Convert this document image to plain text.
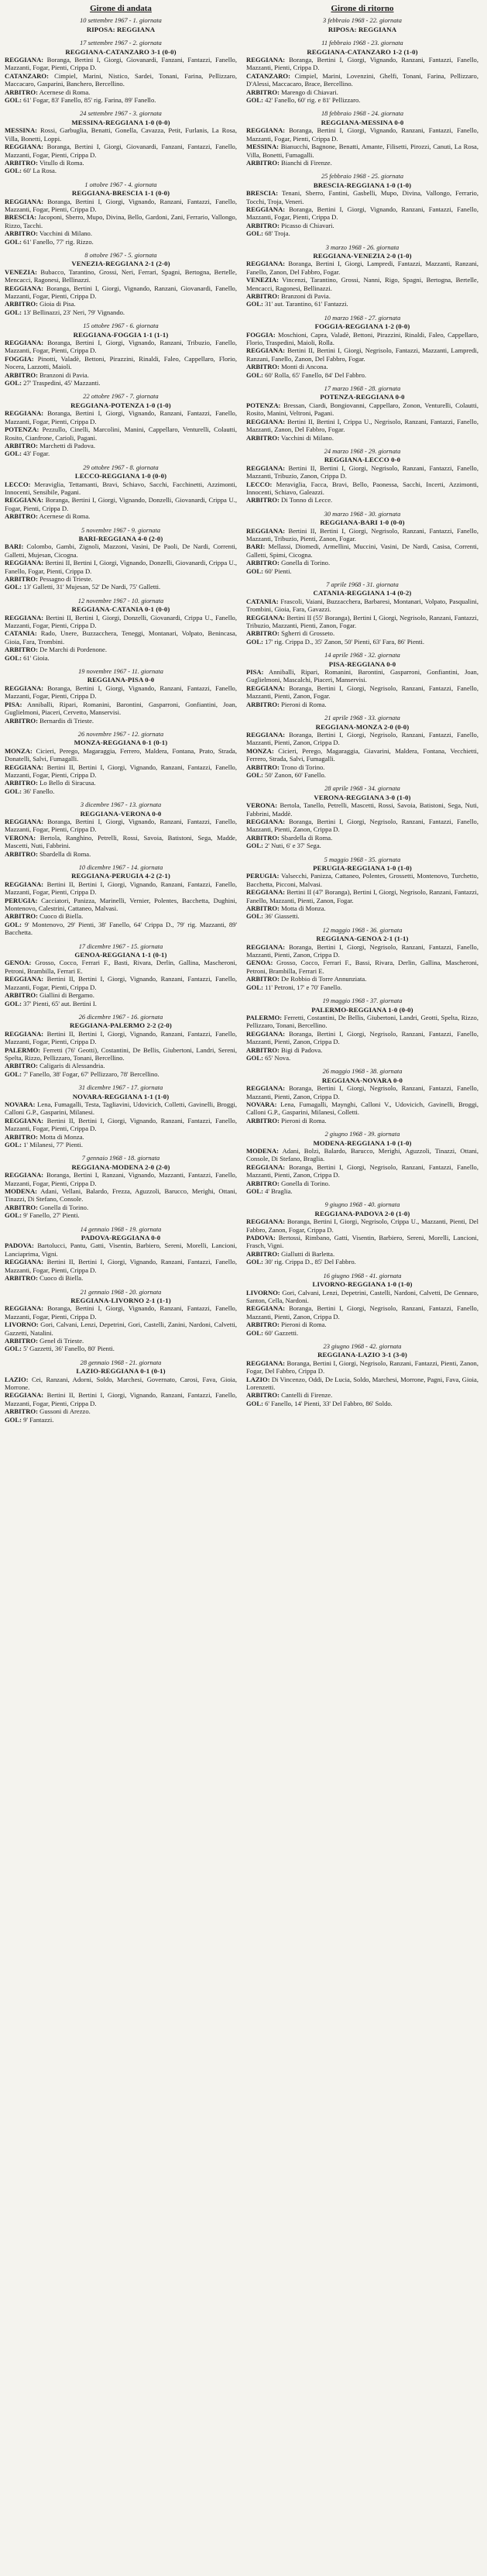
Girone di andata
10 settembre 1967 - 1. giornata
RIPOSA: REGGIANA
17 settembre 1967 - 2. giornata
REGGIANA-CATANZARO 3-1 (0-0)
REGGIANA: Boranga, Bertini I, Giorgi, Giovanardi, Fanzani, Fantazzi, Fanello, Mazzanti, Fogar, Pienti, Crippa D.
CATANZARO: Cimpiel, Marini, Nistico, Sardei, Tonani, Farina, Pellizzaro, Maccacaro, Gasparini, Banchero, Bercellino.
ARBITRO: Acernese di Roma.
GOL: 61' Fogar, 83' Fanello, 85' rig. Farina, 89' Fanello.
24 settembre 1967 - 3. giornata
MESSINA-REGGIANA 1-0 (0-0)
MESSINA: Rossi, Garbuglia, Benatti, Gonella, Cavazza, Petit, Furlanis, La Rosa, Villa, Bonetti, Loppi.
REGGIANA: Boranga, Bertini I, Giorgi, Giovanardi, Fanzani, Fantazzi, Fanello, Mazzanti, Fogar, Pienti, Crippa D.
ARBITRO: Vitullo di Roma.
GOL: 60' La Rosa.
1 ottobre 1967 - 4. giornata
REGGIANA-BRESCIA 1-1 (0-0)
REGGIANA: Boranga, Bertini I, Giorgi, Vignando, Ranzani, Fantazzi, Fanello, Mazzanti, Fogar, Pienti, Crippa D.
BRESCIA: Jacoponi, Sberro, Mupo, Divina, Bello, Gardoni, Zani, Ferrario, Vallongo, Rizzo, Tacchi.
ARBITRO: Vacchini di Milano.
GOL: 61' Fanello, 77' rig. Rizzo.
8 ottobre 1967 - 5. giornata
VENEZIA-REGGIANA 2-1 (2-0)
VENEZIA: Bubacco, Tarantino, Grossi, Neri, Ferrari, Spagni, Bertogna, Bertelle, Mencacci, Ragonesi, Bellinazzi.
REGGIANA: Boranga, Bertini I, Giorgi, Vignando, Ranzani, Giovanardi, Fanello, Mazzanti, Fogar, Pienti, Crippa D.
ARBITRO: Gioia di Pisa.
GOL: 13' Bellinazzi, 23' Neri, 79' Vignando.
15 ottobre 1967 - 6. giornata
REGGIANA-FOGGIA 1-1 (1-1)
REGGIANA: Boranga, Bertini I, Giorgi, Vignando, Ranzani, Tribuzio, Fanello, Mazzanti, Fogar, Pienti, Crippa D.
FOGGIA: Pinotti, Valadè, Bettoni, Pirazzini, Rinaldi, Faleo, Cappellaro, Florio, Nocera, Lazzotti, Maioli.
ARBITRO: Branzoni di Pavia.
GOL: 27' Traspedini, 45' Mazzanti.
22 ottobre 1967 - 7. giornata
REGGIANA-POTENZA 1-0 (1-0)
REGGIANA: Boranga, Bertini I, Giorgi, Vignando, Ranzani, Fantazzi, Fanello, Mazzanti, Fogar, Pienti, Crippa D.
POTENZA: Pezzullo, Cinelli, Marcolini, Manini, Cappellaro, Venturelli, Colautti, Rosito, Cianfrone, Carioli, Pagani.
ARBITRO: Marchetti di Padova.
GOL: 43' Fogar.
29 ottobre 1967 - 8. giornata
LECCO-REGGIANA 1-0 (0-0)
LECCO: Meraviglia, Tettamanti, Bravi, Schiavo, Sacchi, Facchinetti, Azzimonti, Innocenti, Sensibile, Pagani.
REGGIANA: Boranga, Bertini I, Giorgi, Vignando, Donzelli, Giovanardi, Crippa U., Fogar, Pienti, Crippa D.
ARBITRO: Acernese di Roma.
5 novembre 1967 - 9. giornata
BARI-REGGIANA 4-0 (2-0)
BARI: Colombo, Gambi, Zignoli, Mazzoni, Vasini, De Paoli, De Nardi, Correnti, Galletti, Mujesan, Cicogna.
REGGIANA: Bertini II, Bertini I, Giorgi, Vignando, Donzelli, Giovanardi, Crippa U., Fanello, Fogar, Pienti, Crippa D.
ARBITRO: Pessagno di Trieste.
GOL: 13' Galletti, 31' Mujesan, 52' De Nardi, 75' Galletti.
12 novembre 1967 - 10. giornata
REGGIANA-CATANIA 0-1 (0-0)
REGGIANA: Bertini II, Bertini I, Giorgi, Donzelli, Giovanardi, Crippa U., Fanello, Mazzanti, Fogar, Pienti, Crippa D.
CATANIA: Rado, Unere, Buzzacchera, Teneggi, Montanari, Volpato, Benincasa, Gioia, Fara, Trombini.
ARBITRO: De Marchi di Pordenone.
GOL: 61' Gioia.
19 novembre 1967 - 11. giornata
REGGIANA-PISA 0-0
REGGIANA: Boranga, Bertini I, Giorgi, Vignando, Ranzani, Fantazzi, Fanello, Mazzanti, Fogar, Pienti, Crippa D.
PISA: Anniballi, Ripari, Romanini, Barontini, Gasparroni, Gonfiantini, Joan, Guglielmoni, Piaceri, Cervetto, Manservisi.
ARBITRO: Bernardis di Trieste.
26 novembre 1967 - 12. giornata
MONZA-REGGIANA 0-1 (0-1)
MONZA: Cicieri, Perego, Magaraggia, Ferrero, Maldera, Fontana, Prato, Strada, Donatelli, Salvi, Fumagalli.
REGGIANA: Bertini II, Bertini I, Giorgi, Vignando, Ranzani, Fantazzi, Fanello, Mazzanti, Fogar, Pienti, Crippa D.
ARBITRO: Lo Bello di Siracusa.
GOL: 36' Fanello.
3 dicembre 1967 - 13. giornata
REGGIANA-VERONA 0-0
REGGIANA: Boranga, Bertini I, Giorgi, Vignando, Ranzani, Fantazzi, Fanello, Mazzanti, Fogar, Pienti, Crippa D.
VERONA: Bertola, Ranghino, Petrelli, Rossi, Savoia, Batistoni, Sega, Madde, Mascetti, Nuti, Fabbrini.
ARBITRO: Sbardella di Roma.
10 dicembre 1967 - 14. giornata
REGGIANA-PERUGIA 4-2 (2-1)
REGGIANA: Bertini II, Bertini I, Giorgi, Vignando, Ranzani, Fantazzi, Fanello, Mazzanti, Fogar, Pienti, Crippa D.
PERUGIA: Cacciatori, Panizza, Marinelli, Vernier, Polentes, Bacchetta, Dughini, Montenovo, Calestrini, Cattaneo, Malvasi.
ARBITRO: Cuoco di Biella.
GOL: 9' Montenovo, 29' Pienti, 38' Fanello, 64' Crippa D., 79' rig. Mazzanti, 89' Bacchetta.
17 dicembre 1967 - 15. giornata
GENOA-REGGIANA 1-1 (0-1)
GENOA: Grosso, Cocco, Ferrari F., Basti, Rivara, Derlin, Gallina, Mascheroni, Petroni, Brambilla, Ferrari E.
REGGIANA: Bertini II, Bertini I, Giorgi, Vignando, Ranzani, Fantazzi, Fanello, Mazzanti, Fogar, Pienti, Crippa D.
ARBITRO: Giallini di Bergamo.
GOL: 37' Pienti, 65' aut. Bertini I.
26 dicembre 1967 - 16. giornata
REGGIANA-PALERMO 2-2 (2-0)
REGGIANA: Bertini II, Bertini I, Giorgi, Vignando, Ranzani, Fantazzi, Fanello, Mazzanti, Fogar, Pienti, Crippa D.
PALERMO: Ferretti (76' Geotti), Costantini, De Bellis, Giubertoni, Landri, Sereni, Spelta, Rizzo, Pellizzaro, Tonani, Bercellino.
ARBITRO: Caligaris di Alessandria.
GOL: 7' Fanello, 38' Fogar, 67' Pellizzaro, 78' Bercellino.
31 dicembre 1967 - 17. giornata
NOVARA-REGGIANA 1-1 (1-0)
NOVARA: Lena, Fumagalli, Testa, Tagliavini, Udovicich, Colletti, Gavinelli, Broggi, Calloni G.P., Gasparini, Milanesi.
REGGIANA: Bertini II, Bertini I, Giorgi, Vignando, Ranzani, Fantazzi, Fanello, Mazzanti, Fogar, Pienti, Crippa D.
ARBITRO: Motta di Monza.
GOL: 1' Milanesi, 77' Pienti.
7 gennaio 1968 - 18. giornata
REGGIANA-MODENA 2-0 (2-0)
REGGIANA: Boranga, Bertini I, Ranzani, Vignando, Mazzanti, Fantazzi, Fanello, Mazzanti, Fogar, Pienti, Crippa D.
MODENA: Adani, Vellani, Balardo, Frezza, Aguzzoli, Barucco, Merighi, Ottani, Tinazzi, Di Stefano, Console.
ARBITRO: Gonella di Torino.
GOL: 9' Fanello, 27' Pienti.
14 gennaio 1968 - 19. giornata
PADOVA-REGGIANA 0-0
PADOVA: Bartolucci, Pantu, Gatti, Visentin, Barbiero, Sereni, Morelli, Lancioni, Lanciaprima, Vigni.
REGGIANA: Bertini II, Bertini I, Giorgi, Vignando, Ranzani, Fantazzi, Fanello, Mazzanti, Fogar, Pienti, Crippa D.
ARBITRO: Cuoco di Biella.
21 gennaio 1968 - 20. giornata
REGGIANA-LIVORNO 2-1 (1-1)
REGGIANA: Boranga, Bertini I, Giorgi, Vignando, Ranzani, Fantazzi, Fanello, Mazzanti, Fogar, Pienti, Crippa D.
LIVORNO: Gori, Calvani, Lenzi, Depetrini, Gori, Castelli, Zanini, Nardoni, Calvetti, Gazzetti, Natalini.
ARBITRO: Genel di Trieste.
GOL: 5' Gazzetti, 36' Fanello, 80' Pienti.
28 gennaio 1968 - 21. giornata
LAZIO-REGGIANA 0-1 (0-1)
LAZIO: Cei, Ranzani, Adorni, Soldo, Marchesi, Governato, Carosi, Fava, Gioia, Morrone.
REGGIANA: Bertini II, Bertini I, Giorgi, Vignando, Ranzani, Fantazzi, Fanello, Mazzanti, Fogar, Pienti, Crippa D.
ARBITRO: Gussoni di Arezzo.
GOL: 9' Fantazzi.
Girone di ritorno
3 febbraio 1968 - 22. giornata
RIPOSA: REGGIANA
11 febbraio 1968 - 23. giornata
REGGIANA-CATANZARO 1-2 (1-0)
REGGIANA: Boranga, Bertini I, Giorgi, Vignando, Ranzani, Fantazzi, Fanello, Mazzanti, Pienti, Crippa D.
CATANZARO: Cimpiel, Marini, Lovenzini, Ghelfi, Tonani, Farina, Pellizzaro, D'Alessi, Maccacaro, Brace, Bercellino.
ARBITRO: Marengo di Chiavari.
GOL: 42' Fanello, 60' rig. e 81' Pellizzaro.
18 febbraio 1968 - 24. giornata
REGGIANA-MESSINA 0-0
REGGIANA: Boranga, Bertini I, Giorgi, Vignando, Ranzani, Fantazzi, Fanello, Mazzanti, Fogar, Pienti, Crippa D.
MESSINA: Bianucchi, Bagnone, Benatti, Amante, Filisetti, Pirozzi, Canuti, La Rosa, Villa, Bonetti, Fumagalli.
ARBITRO: Bianchi di Firenze.
25 febbraio 1968 - 25. giornata
BRESCIA-REGGIANA 1-0 (1-0)
BRESCIA: Tenani, Sberro, Fantini, Gasbelli, Mupo, Divina, Vallongo, Ferrario, Tocchi, Troja, Veneri.
REGGIANA: Boranga, Bertini I, Giorgi, Vignando, Ranzani, Fantazzi, Fanello, Mazzanti, Fogar, Pienti, Crippa D.
ARBITRO: Picasso di Chiavari.
GOL: 68' Troja.
3 marzo 1968 - 26. giornata
REGGIANA-VENEZIA 2-0 (1-0)
REGGIANA: Boranga, Bertini I, Giorgi, Lampredi, Fantazzi, Mazzanti, Ranzani, Fanello, Zanon, Del Fabbro, Fogar.
VENEZIA: Vincenzi, Tarantino, Grossi, Nanni, Rigo, Spagni, Bertogna, Bertelle, Mencacci, Ragonesi, Bellinazzi.
ARBITRO: Branzoni di Pavia.
GOL: 31' aut. Tarantino, 61' Fantazzi.
10 marzo 1968 - 27. giornata
FOGGIA-REGGIANA 1-2 (0-0)
FOGGIA: Moschioni, Capra, Valadè, Bettoni, Pirazzini, Rinaldi, Faleo, Cappellaro, Florio, Traspedini, Maioli, Rolla.
REGGIANA: Bertini II, Bertini I, Giorgi, Negrisolo, Fantazzi, Mazzanti, Lampredi, Ranzani, Fanello, Zanon, Del Fabbro, Fogar.
ARBITRO: Monti di Ancona.
GOL: 60' Rolla, 65' Fanello, 84' Del Fabbro.
17 marzo 1968 - 28. giornata
POTENZA-REGGIANA 0-0
POTENZA: Bressan, Ciardi, Bongiovanni, Cappellaro, Zonon, Venturelli, Colautti, Rosito, Manini, Veltroni, Pagani.
REGGIANA: Bertini II, Bertini I, Crippa U., Negrisolo, Ranzani, Fantazzi, Fanello, Mazzanti, Zanon, Del Fabbro, Fogar.
ARBITRO: Vacchini di Milano.
24 marzo 1968 - 29. giornata
REGGIANA-LECCO 0-0
REGGIANA: Bertini II, Bertini I, Giorgi, Negrisolo, Ranzani, Fantazzi, Fanello, Mazzanti, Tribuzio, Zanon, Crippa D.
LECCO: Meraviglia, Facca, Bravi, Bello, Paonessa, Sacchi, Incerti, Azzimonti, Innocenti, Schiavo, Galeazzi.
ARBITRO: Di Tonno di Lecce.
30 marzo 1968 - 30. giornata
REGGIANA-BARI 1-0 (0-0)
REGGIANA: Bertini II, Bertini I, Giorgi, Negrisolo, Ranzani, Fantazzi, Fanello, Mazzanti, Tribuzio, Pienti, Zanon, Fogar.
BARI: Mellassi, Diomedi, Armellini, Muccini, Vasini, De Nardi, Casisa, Correnti, Galletti, Spimi, Cicogna.
ARBITRO: Gonella di Torino.
GOL: 60' Pienti.
7 aprile 1968 - 31. giornata
CATANIA-REGGIANA 1-4 (0-2)
CATANIA: Frascoli, Vaiani, Buzzacchera, Barbaresi, Montanari, Volpato, Pasqualini, Trombini, Gioia, Fara, Gavazzi.
REGGIANA: Bertini II (55' Boranga), Bertini I, Giorgi, Negrisolo, Ranzani, Fantazzi, Tribuzio, Mazzanti, Pienti, Zanon, Fogar.
ARBITRO: Sgherri di Grosseto.
GOL: 17' rig. Crippa D., 35' Zanon, 50' Pienti, 63' Fara, 86' Pienti.
14 aprile 1968 - 32. giornata
PISA-REGGIANA 0-0
PISA: Anniballi, Ripari, Romanini, Barontini, Gasparroni, Gonfiantini, Joan, Guglielmoni, Mascalchi, Piaceri, Manservisi.
REGGIANA: Boranga, Bertini I, Giorgi, Negrisolo, Ranzani, Fantazzi, Fanello, Mazzanti, Pienti, Zanon, Fogar.
ARBITRO: Pieroni di Roma.
21 aprile 1968 - 33. giornata
REGGIANA-MONZA 2-0 (0-0)
REGGIANA: Boranga, Bertini I, Giorgi, Negrisolo, Ranzani, Fantazzi, Fanello, Mazzanti, Pienti, Zanon, Crippa D.
MONZA: Cicieri, Perego, Magaraggia, Giavarini, Maldera, Fontana, Vecchietti, Ferrero, Strada, Salvi, Fumagalli.
ARBITRO: Trono di Torino.
GOL: 50' Zanon, 60' Fanello.
28 aprile 1968 - 34. giornata
VERONA-REGGIANA 3-0 (1-0)
VERONA: Bertola, Tanello, Petrelli, Mascetti, Rossi, Savoia, Batistoni, Sega, Nuti, Fabbrini, Maddè.
REGGIANA: Boranga, Bertini I, Giorgi, Negrisolo, Ranzani, Fantazzi, Fanello, Mazzanti, Pienti, Zanon, Crippa D.
ARBITRO: Sbardella di Roma.
GOL: 2' Nuti, 6' e 37' Sega.
5 maggio 1968 - 35. giornata
PERUGIA-REGGIANA 1-0 (1-0)
PERUGIA: Valsecchi, Panizza, Cattaneo, Polentes, Grossetti, Montenovo, Turchetto, Bacchetta, Picconi, Malvasi.
REGGIANA: Bertini II (47' Boranga), Bertini I, Giorgi, Negrisolo, Ranzani, Fantazzi, Fanello, Mazzanti, Pienti, Zanon, Fogar.
ARBITRO: Motta di Monza.
GOL: 36' Giassetti.
12 maggio 1968 - 36. giornata
REGGIANA-GENOA 2-1 (1-1)
REGGIANA: Boranga, Bertini I, Giorgi, Negrisolo, Ranzani, Fantazzi, Fanello, Mazzanti, Pienti, Zanon, Crippa D.
GENOA: Grosso, Cocco, Ferrari F., Bassi, Rivara, Derlin, Gallina, Mascheroni, Petroni, Brambilla, Ferrari E.
ARBITRO: De Robbio di Torre Annunziata.
GOL: 11' Petroni, 17' e 70' Fanello.
19 maggio 1968 - 37. giornata
PALERMO-REGGIANA 1-0 (0-0)
PALERMO: Ferretti, Costantini, De Bellis, Giubertoni, Landri, Geotti, Spelta, Rizzo, Pellizzaro, Tonani, Bercellino.
REGGIANA: Boranga, Bertini I, Giorgi, Negrisolo, Ranzani, Fantazzi, Fanello, Mazzanti, Pienti, Zanon, Crippa D.
ARBITRO: Bigi di Padova.
GOL: 65' Nova.
26 maggio 1968 - 38. giornata
REGGIANA-NOVARA 0-0
REGGIANA: Boranga, Bertini I, Giorgi, Negrisolo, Ranzani, Fantazzi, Fanello, Mazzanti, Pienti, Zanon, Crippa D.
NOVARA: Lena, Fumagalli, Maynghi, Calloni V., Udovicich, Gavinelli, Broggi, Calloni G.P., Gasparini, Milanesi, Colletti.
ARBITRO: Pieroni di Roma.
2 giugno 1968 - 39. giornata
MODENA-REGGIANA 1-0 (1-0)
MODENA: Adani, Bolzi, Balardo, Barucco, Merighi, Aguzzoli, Tinazzi, Ottani, Console, Di Stefano, Braglia.
REGGIANA: Boranga, Bertini I, Giorgi, Negrisolo, Ranzani, Fantazzi, Fanello, Mazzanti, Pienti, Zanon, Crippa D.
ARBITRO: Gonella di Torino.
GOL: 4' Braglia.
9 giugno 1968 - 40. giornata
REGGIANA-PADOVA 2-0 (1-0)
REGGIANA: Boranga, Bertini I, Giorgi, Negrisolo, Crippa U., Mazzanti, Pienti, Del Fabbro, Zanon, Fogar, Crippa D.
PADOVA: Bertossi, Rimbano, Gatti, Visentin, Barbiero, Sereni, Morelli, Lancioni, Frasch, Vigni.
ARBITRO: Giallutti di Barletta.
GOL: 30' rig. Crippa D., 85' Del Fabbro.
16 giugno 1968 - 41. giornata
LIVORNO-REGGIANA 1-0 (1-0)
LIVORNO: Gori, Calvani, Lenzi, Depetrini, Castelli, Nardoni, Calvetti, De Gennaro, Santon, Cella, Nardoni.
REGGIANA: Boranga, Bertini I, Giorgi, Negrisolo, Ranzani, Fantazzi, Fanello, Mazzanti, Pienti, Zanon, Crippa D.
ARBITRO: Pieroni di Roma.
GOL: 60' Gazzetti.
23 giugno 1968 - 42. giornata
REGGIANA-LAZIO 3-1 (3-0)
REGGIANA: Boranga, Bertini I, Giorgi, Negrisolo, Ranzani, Fantazzi, Pienti, Zanon, Fogar, Del Fabbro, Crippa D.
LAZIO: Di Vincenzo, Oddi, De Lucia, Soldo, Marchesi, Morrone, Pagni, Fava, Gioia, Lorenzetti.
ARBITRO: Cantelli di Firenze.
GOL: 6' Fanello, 14' Pienti, 33' Del Fabbro, 86' Soldo.
